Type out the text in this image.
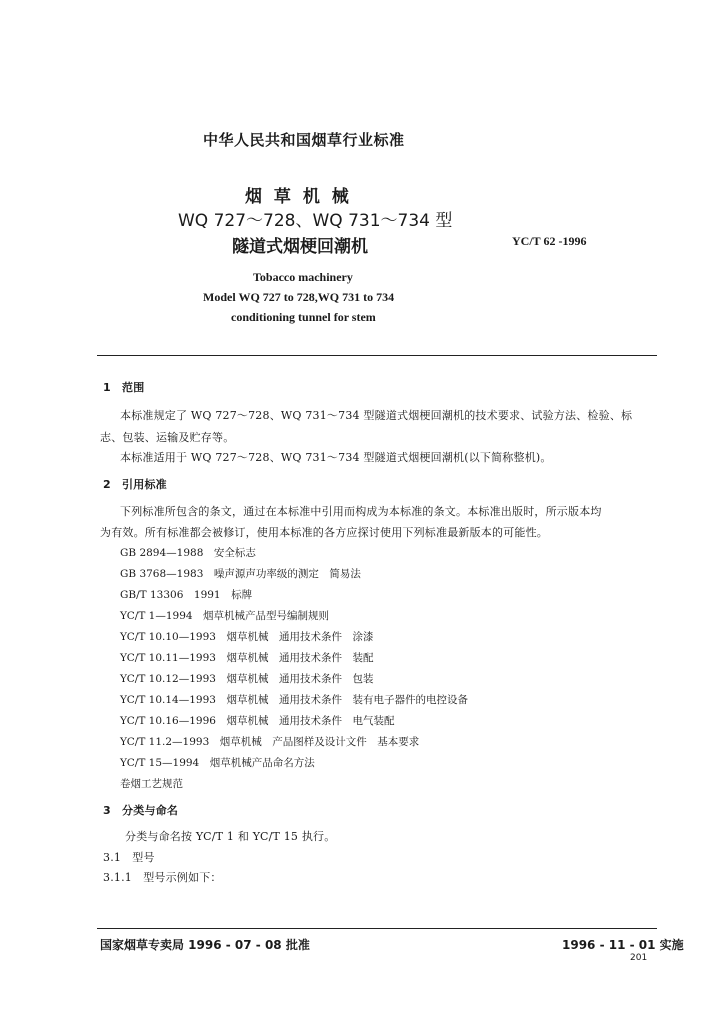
中华人民共和国烟草行业标准
烟 草 机 械
WQ 727～728、WQ 731～734 型
隧道式烟梗回潮机	YC/T 62 -1996
Tobacco machinery
Model WQ 727 to 728,WQ 731 to 734
conditioning tunnel for stem
1　范围
本标准规定了 WQ 727～728、WQ 731～734 型隧道式烟梗回潮机的技术要求、试验方法、检验、标
志、包装、运输及贮存等。
本标准适用于 WQ 727～728、WQ 731～734 型隧道式烟梗回潮机(以下简称整机)。
2　引用标准
下列标准所包含的条文，通过在本标准中引用而构成为本标准的条文。本标准出版时，所示版本均
为有效。所有标准都会被修订，使用本标准的各方应探讨使用下列标准最新版本的可能性。
GB 2894—1988　安全标志
GB 3768—1983　噪声源声功率级的测定　简易法
GB/T 13306　1991　标牌
YC/T 1—1994　烟草机械产品型号编制规则
YC/T 10.10—1993　烟草机械　通用技术条件　涂漆
YC/T 10.11—1993　烟草机械　通用技术条件　装配
YC/T 10.12—1993　烟草机械　通用技术条件　包装
YC/T 10.14—1993　烟草机械　通用技术条件　装有电子器件的电控设备
YC/T 10.16—1996　烟草机械　通用技术条件　电气装配
YC/T 11.2—1993　烟草机械　产品图样及设计文件　基本要求
YC/T 15—1994　烟草机械产品命名方法
卷烟工艺规范
3　分类与命名
分类与命名按 YC/T 1 和 YC/T 15 执行。
3.1　型号
3.1.1　型号示例如下：
国家烟草专卖局 1996 - 07 - 08 批准	1996 - 11 - 01 实施
201
